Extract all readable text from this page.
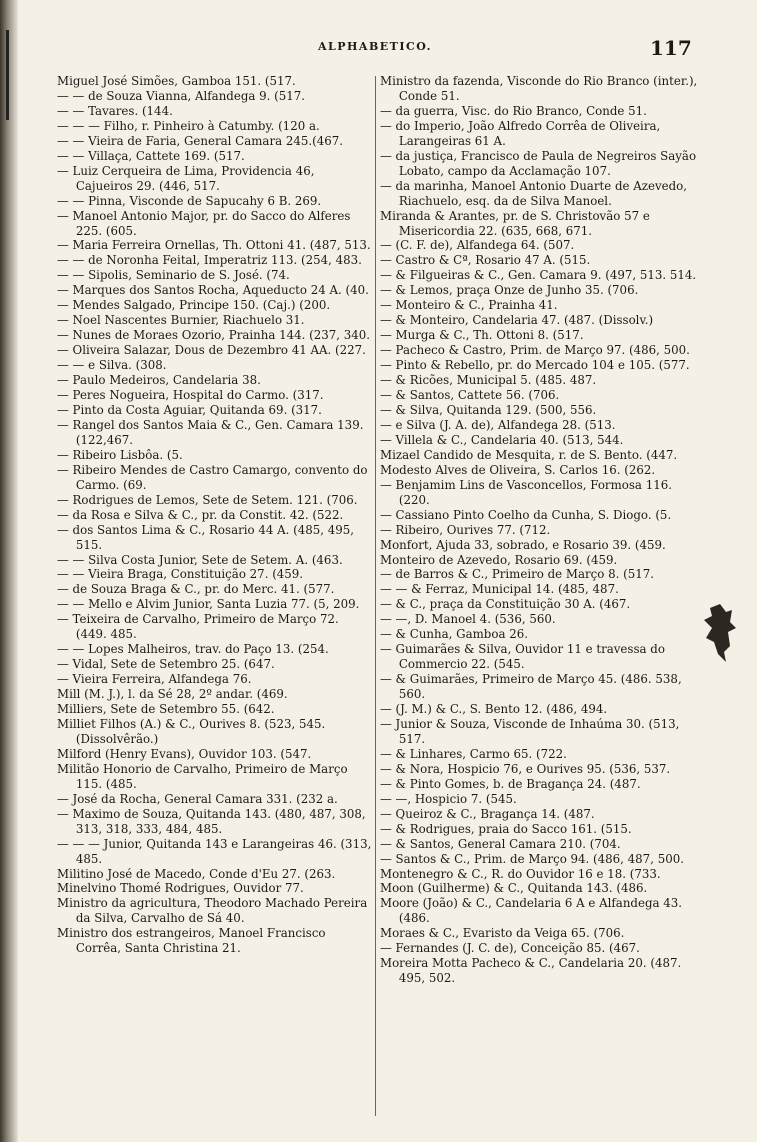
ALPHABETICO.	117
Miguel José Simões, Gamboa 151. (517.
— — de Souza Vianna, Alfandega 9. (517.
— — Tavares. (144.
— — — Filho, r. Pinheiro à Catumby. (120 a.
— — Vieira de Faria, General Camara 245.(467.
— — Villaça, Cattete 169. (517.
— Luiz Cerqueira de Lima, Providencia 46, Cajueiros 29. (446, 517.
— — Pinna, Visconde de Sapucahy 6 B. 269.
— Manoel Antonio Major, pr. do Sacco do Alferes 225. (605.
— Maria Ferreira Ornellas, Th. Ottoni 41. (487, 513.
— — de Noronha Feital, Imperatriz 113. (254, 483.
— — Sipolis, Seminario de S. José. (74.
— Marques dos Santos Rocha, Aqueducto 24 A. (40.
— Mendes Salgado, Principe 150. (Caj.) (200.
— Noel Nascentes Burnier, Riachuelo 31.
— Nunes de Moraes Ozorio, Prainha 144. (237, 340.
— Oliveira Salazar, Dous de Dezembro 41 AA. (227.
— — e Silva. (308.
— Paulo Medeiros, Candelaria 38.
— Peres Nogueira, Hospital do Carmo. (317.
— Pinto da Costa Aguiar, Quitanda 69. (317.
— Rangel dos Santos Maia & C., Gen. Camara 139. (122,467.
— Ribeiro Lisbôa. (5.
— Ribeiro Mendes de Castro Camargo, convento do Carmo. (69.
— Rodrigues de Lemos, Sete de Setem. 121. (706.
— da Rosa e Silva & C., pr. da Constit. 42. (522.
— dos Santos Lima & C., Rosario 44 A. (485, 495, 515.
— — Silva Costa Junior, Sete de Setem. A. (463.
— — Vieira Braga, Constituição 27. (459.
— de Souza Braga & C., pr. do Merc. 41. (577.
— — Mello e Alvim Junior, Santa Luzia 77. (5, 209.
— Teixeira de Carvalho, Primeiro de Março 72. (449. 485.
— — Lopes Malheiros, trav. do Paço 13. (254.
— Vidal, Sete de Setembro 25. (647.
— Vieira Ferreira, Alfandega 76.
Mill (M. J.), l. da Sé 28, 2º andar. (469.
Milliers, Sete de Setembro 55. (642.
Milliet Filhos (A.) & C., Ourives 8. (523, 545. (Dissolvêrão.)
Milford (Henry Evans), Ouvidor 103. (547.
Militão Honorio de Carvalho, Primeiro de Março 115. (485.
— José da Rocha, General Camara 331. (232 a.
— Maximo de Souza, Quitanda 143. (480, 487, 308, 313, 318, 333, 484, 485.
— — — Junior, Quitanda 143 e Larangeiras 46. (313, 485.
Militino José de Macedo, Conde d'Eu 27. (263.
Minelvino Thomé Rodrigues, Ouvidor 77.
Ministro da agricultura, Theodoro Machado Pereira da Silva, Carvalho de Sá 40.
Ministro dos estrangeiros, Manoel Francisco Corrêa, Santa Christina 21.
Ministro da fazenda, Visconde do Rio Branco (inter.), Conde 51.
— da guerra, Visc. do Rio Branco, Conde 51.
— do Imperio, João Alfredo Corrêa de Oliveira, Larangeiras 61 A.
— da justiça, Francisco de Paula de Negreiros Sayão Lobato, campo da Acclamação 107.
— da marinha, Manoel Antonio Duarte de Azevedo, Riachuelo, esq. da de Silva Manoel.
Miranda & Arantes, pr. de S. Christovão 57 e Misericordia 22. (635, 668, 671.
— (C. F. de), Alfandega 64. (507.
— Castro & Cª, Rosario 47 A. (515.
— & Filgueiras & C., Gen. Camara 9. (497, 513. 514.
— & Lemos, praça Onze de Junho 35. (706.
— Monteiro & C., Prainha 41.
— & Monteiro, Candelaria 47. (487. (Dissolv.)
— Murga & C., Th. Ottoni 8. (517.
— Pacheco & Castro, Prim. de Março 97. (486, 500.
— Pinto & Rebello, pr. do Mercado 104 e 105. (577.
— & Ricões, Municipal 5. (485. 487.
— & Santos, Cattete 56. (706.
— & Silva, Quitanda 129. (500, 556.
— e Silva (J. A. de), Alfandega 28. (513.
— Villela & C., Candelaria 40. (513, 544.
Mizael Candido de Mesquita, r. de S. Bento. (447.
Modesto Alves de Oliveira, S. Carlos 16. (262.
— Benjamim Lins de Vasconcellos, Formosa 116. (220.
— Cassiano Pinto Coelho da Cunha, S. Diogo. (5.
— Ribeiro, Ourives 77. (712.
Monfort, Ajuda 33, sobrado, e Rosario 39. (459.
Monteiro de Azevedo, Rosario 69. (459.
— de Barros & C., Primeiro de Março 8. (517.
— — & Ferraz, Municipal 14. (485, 487.
— & C., praça da Constituição 30 A. (467.
— —, D. Manoel 4. (536, 560.
— & Cunha, Gamboa 26.
— Guimarães & Silva, Ouvidor 11 e travessa do Commercio 22. (545.
— & Guimarães, Primeiro de Março 45. (486. 538, 560.
— (J. M.) & C., S. Bento 12. (486, 494.
— Junior & Souza, Visconde de Inhaúma 30. (513, 517.
— & Linhares, Carmo 65. (722.
— & Nora, Hospicio 76, e Ourives 95. (536, 537.
— & Pinto Gomes, b. de Bragança 24. (487.
— —, Hospicio 7. (545.
— Queiroz & C., Bragança 14. (487.
— & Rodrigues, praia do Sacco 161. (515.
— & Santos, General Camara 210. (704.
— Santos & C., Prim. de Março 94. (486, 487, 500.
Montenegro & C., R. do Ouvidor 16 e 18. (733.
Moon (Guilherme) & C., Quitanda 143. (486.
Moore (João) & C., Candelaria 6 A e Alfandega 43. (486.
Moraes & C., Evaristo da Veiga 65. (706.
— Fernandes (J. C. de), Conceição 85. (467.
Moreira Motta Pacheco & C., Candelaria 20. (487. 495, 502.
